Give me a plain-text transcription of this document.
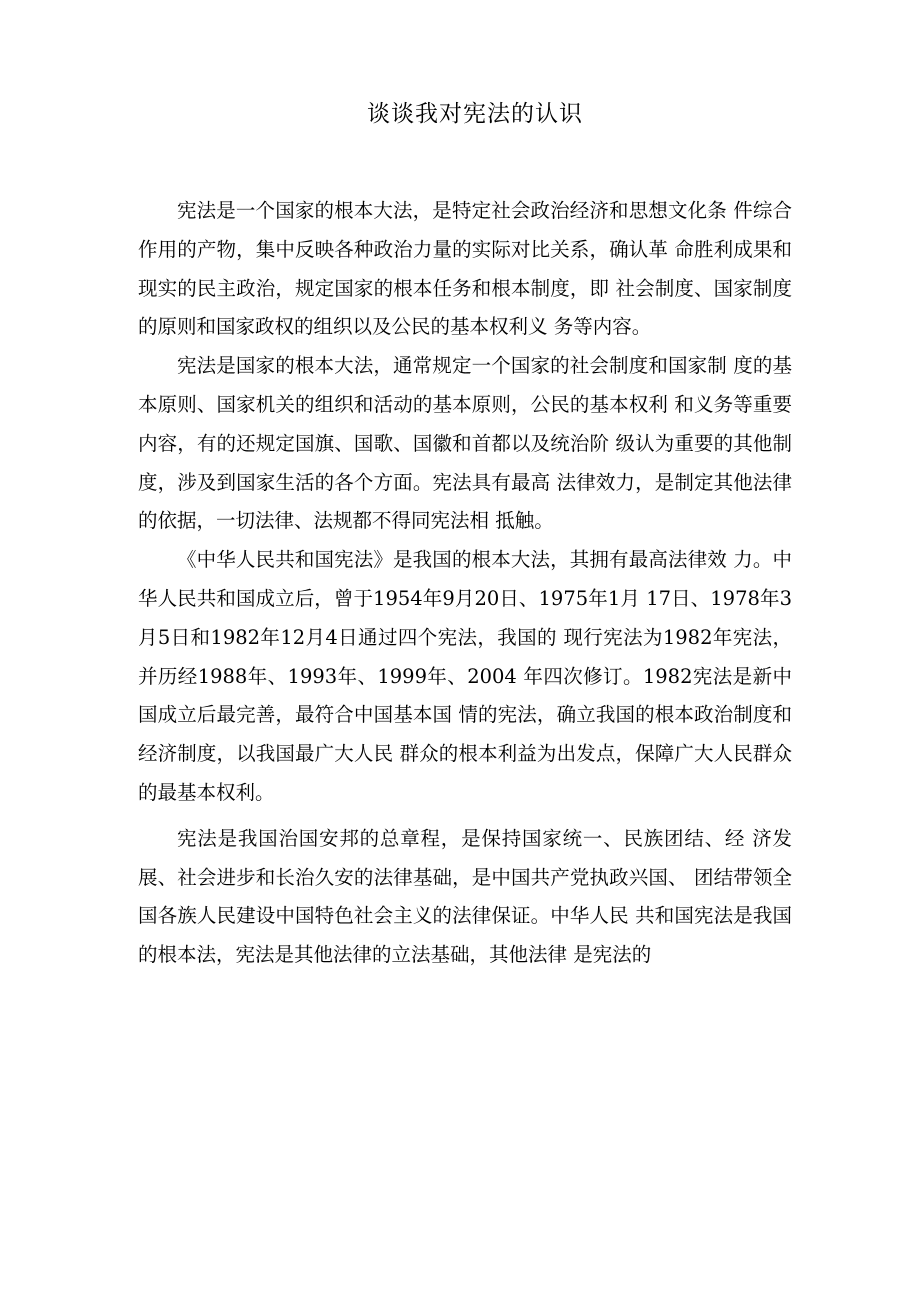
谈谈我对宪法的认识

宪法是一个国家的根本大法，是特定社会政治经济和思想文化条 件综合作用的产物，集中反映各种政治力量的实际对比关系，确认革 命胜利成果和现实的民主政治，规定国家的根本任务和根本制度，即 社会制度、国家制度的原则和国家政权的组织以及公民的基本权利义 务等内容。

宪法是国家的根本大法，通常规定一个国家的社会制度和国家制 度的基本原则、国家机关的组织和活动的基本原则，公民的基本权利 和义务等重要内容，有的还规定国旗、国歌、国徽和首都以及统治阶 级认为重要的其他制度，涉及到国家生活的各个方面。宪法具有最高 法律效力，是制定其他法律的依据，一切法律、法规都不得同宪法相 抵触。

《中华人民共和国宪法》是我国的根本大法，其拥有最高法律效 力。中华人民共和国成立后，曾于1954年9月20日、1975年1月 17日、1978年3月5日和1982年12月4日通过四个宪法，我国的 现行宪法为1982年宪法，并历经1988年、1993年、1999年、2004 年四次修订。1982宪法是新中国成立后最完善，最符合中国基本国 情的宪法，确立我国的根本政治制度和经济制度，以我国最广大人民 群众的根本利益为出发点，保障广大人民群众的最基本权利。

宪法是我国治国安邦的总章程，是保持国家统一、民族团结、经 济发展、社会进步和长治久安的法律基础，是中国共产党执政兴国、 团结带领全国各族人民建设中国特色社会主义的法律保证。中华人民 共和国宪法是我国的根本法，宪法是其他法律的立法基础，其他法律 是宪法的
